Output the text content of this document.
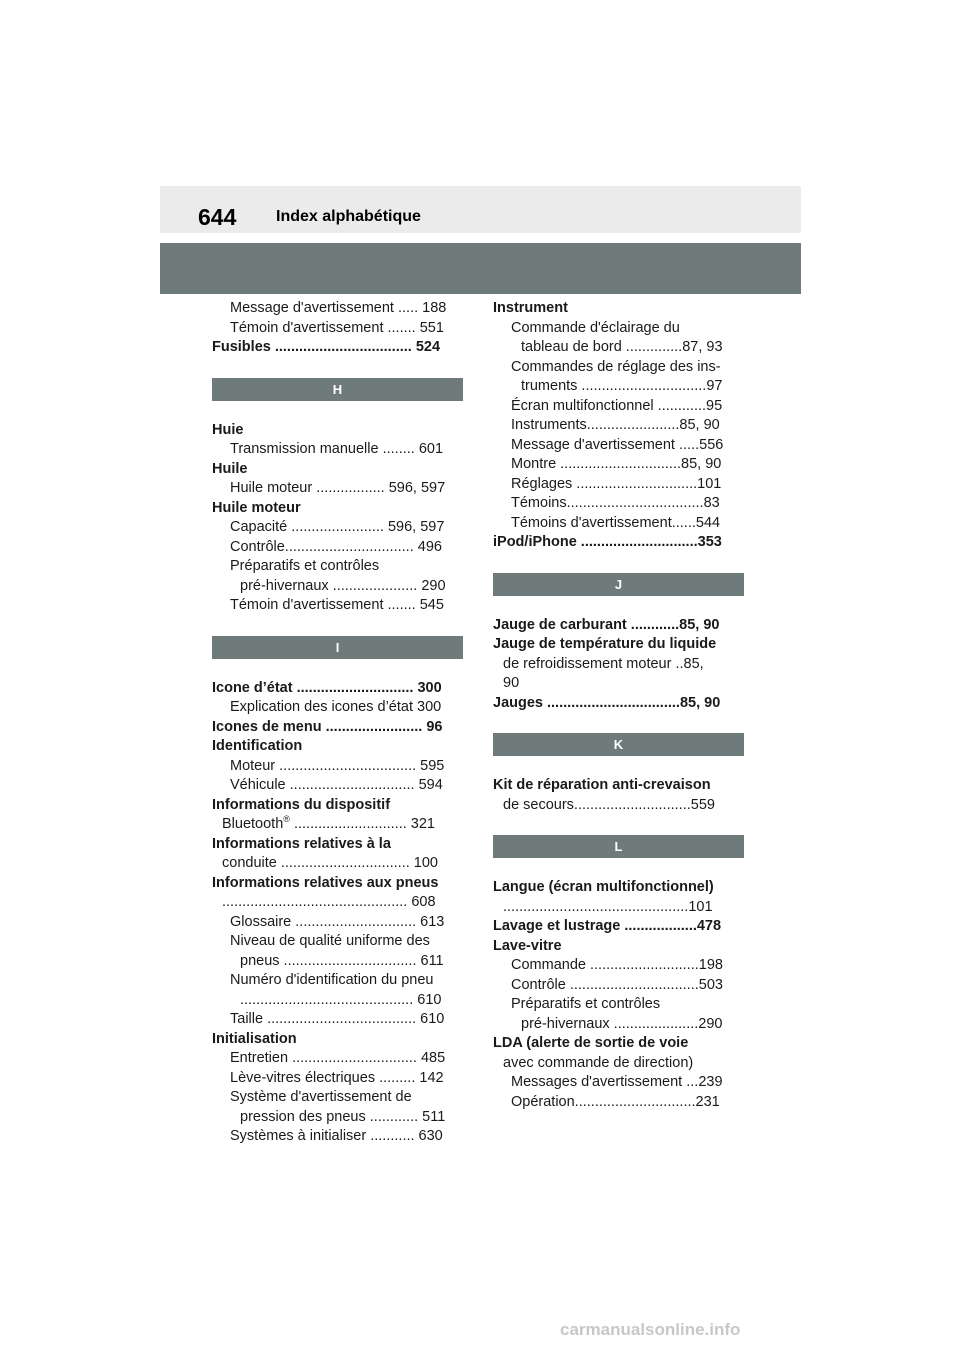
644 Index alphabétique
Message d'avertissement ..... 188
Témoin d'avertissement ....... 551
Fusibles .................................. 524
H
Huie
Transmission manuelle ........ 601
Huile
Huile moteur ................. 596, 597
Huile moteur
Capacité ....................... 596, 597
Contrôle................................ 496
Préparatifs et contrôles
pré-hivernaux ..................... 290
Témoin d'avertissement ....... 545
I
Icone d’état ............................. 300
Explication des icones d’état 300
Icones de menu ........................ 96
Identification
Moteur .................................. 595
Véhicule ............................... 594
Informations du dispositif
Bluetooth® ............................ 321
Informations relatives à la
conduite ................................ 100
Informations relatives aux pneus
.............................................. 608
Glossaire .............................. 613
Niveau de qualité uniforme des
pneus ................................. 611
Numéro d'identification du pneu
........................................... 610
Taille ..................................... 610
Initialisation
Entretien ............................... 485
Lève-vitres électriques ......... 142
Système d'avertissement de
pression des pneus ............ 511
Systèmes à initialiser ........... 630
Instrument
Commande d'éclairage du
tableau de bord ..............87, 93
Commandes de réglage des ins-
truments ...............................97
Écran multifonctionnel ............95
Instruments.......................85, 90
Message d'avertissement .....556
Montre ..............................85, 90
Réglages ..............................101
Témoins..................................83
Témoins d'avertissement......544
iPod/iPhone .............................353
J
Jauge de carburant ............85, 90
Jauge de température du liquide
de refroidissement moteur ..85,
90
Jauges .................................85, 90
K
Kit de réparation anti-crevaison
de secours.............................559
L
Langue (écran multifonctionnel)
..............................................101
Lavage et lustrage ..................478
Lave-vitre
Commande ...........................198
Contrôle ................................503
Préparatifs et contrôles
pré-hivernaux .....................290
LDA (alerte de sortie de voie
avec commande de direction)
Messages d'avertissement ...239
Opération..............................231
carmanualsonline.info
